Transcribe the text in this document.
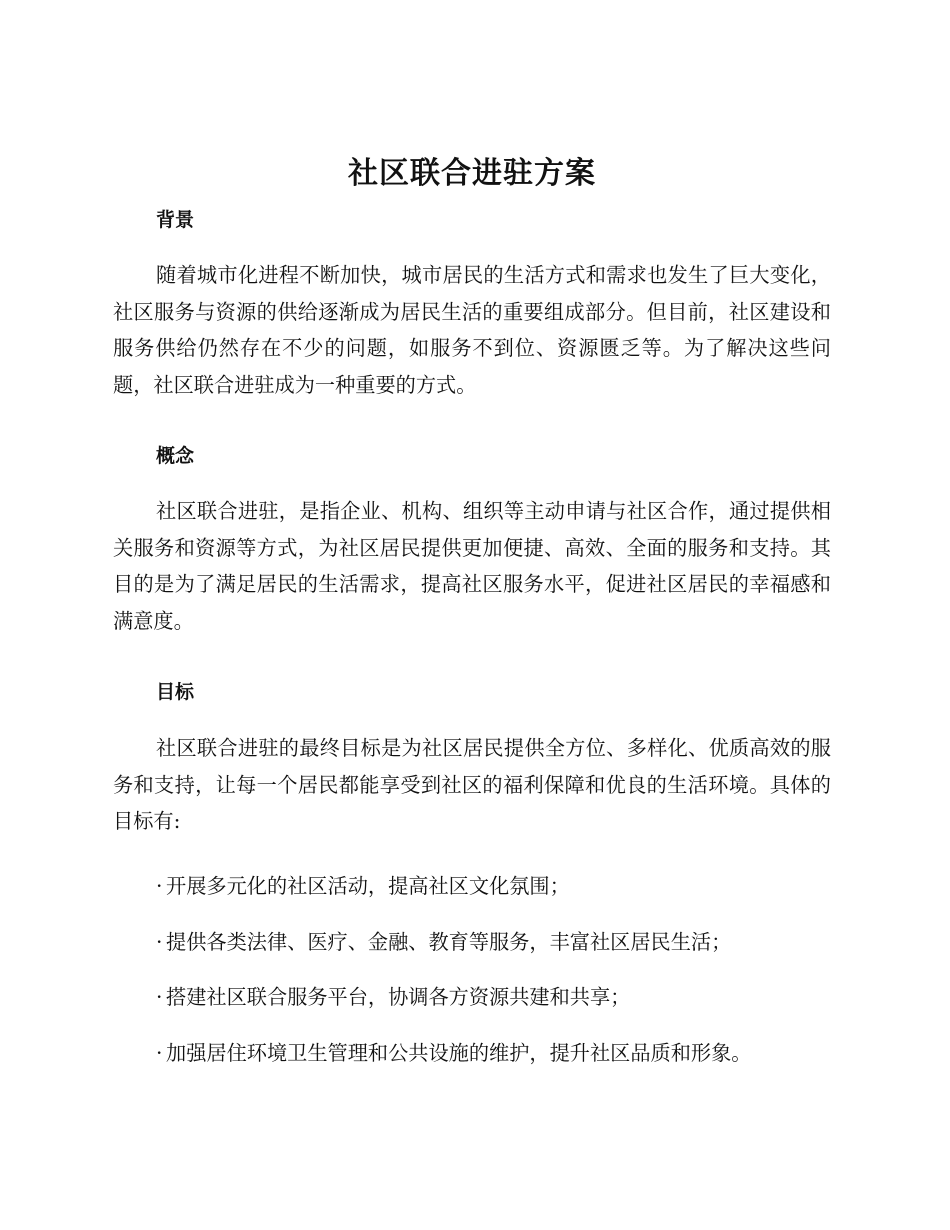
社区联合进驻方案
背景

随着城市化进程不断加快，城市居民的生活方式和需求也发生了巨大变化，社区服务与资源的供给逐渐成为居民生活的重要组成部分。但目前，社区建设和服务供给仍然存在不少的问题，如服务不到位、资源匮乏等。为了解决这些问题，社区联合进驻成为一种重要的方式。

概念

社区联合进驻，是指企业、机构、组织等主动申请与社区合作，通过提供相关服务和资源等方式，为社区居民提供更加便捷、高效、全面的服务和支持。其目的是为了满足居民的生活需求，提高社区服务水平，促进社区居民的幸福感和满意度。

目标

社区联合进驻的最终目标是为社区居民提供全方位、多样化、优质高效的服务和支持，让每一个居民都能享受到社区的福利保障和优良的生活环境。具体的目标有:

· 开展多元化的社区活动，提高社区文化氛围；
· 提供各类法律、医疗、金融、教育等服务，丰富社区居民生活；
· 搭建社区联合服务平台，协调各方资源共建和共享；
· 加强居住环境卫生管理和公共设施的维护，提升社区品质和形象。
